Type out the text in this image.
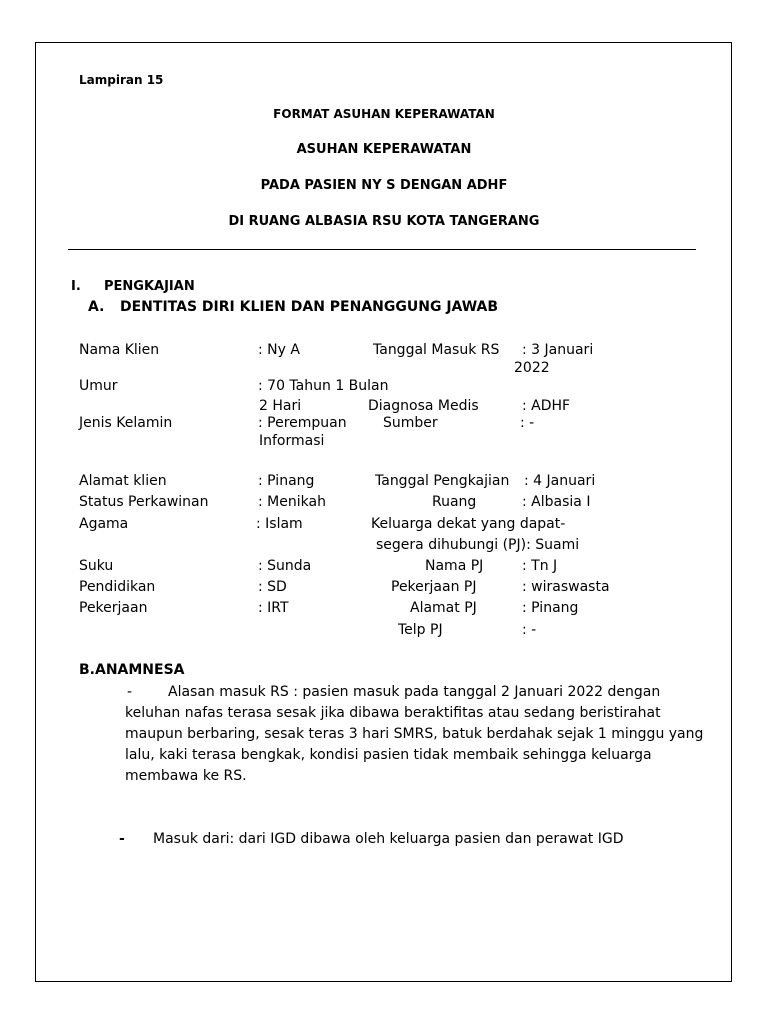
Lampiran 15
FORMAT ASUHAN KEPERAWATAN
ASUHAN KEPERAWATAN
PADA PASIEN NY S DENGAN ADHF
DI RUANG ALBASIA RSU KOTA TANGERANG
I. PENGKAJIAN
A. DENTITAS DIRI KLIEN DAN PENANGGUNG JAWAB
Nama Klien	: Ny A	Tanggal Masuk RS : 3 Januari
2022
Umur	: 70 Tahun 1 Bulan
2 Hari	Diagnosa Medis	: ADHF
Jenis Kelamin	: Perempuan	Sumber	: -
Informasi
Alamat klien	: Pinang	Tanggal Pengkajian : 4 Januari
Status Perkawinan	: Menikah	Ruang	: Albasia I
Agama	: Islam	Keluarga dekat yang dapat-
segera dihubungi (PJ): Suami
Suku	: Sunda	Nama PJ	: Tn J
Pendidikan	: SD	Pekerjaan PJ	: wiraswasta
Pekerjaan	: IRT	Alamat PJ	: Pinang
Telp PJ	: -
B.ANAMNESA
-	Alasan masuk RS : pasien masuk pada tanggal 2 Januari 2022 dengan
keluhan nafas terasa sesak jika dibawa beraktifitas atau sedang beristirahat
maupun berbaring, sesak teras 3 hari SMRS, batuk berdahak sejak 1 minggu yang
lalu, kaki terasa bengkak, kondisi pasien tidak membaik sehingga keluarga
membawa ke RS.
- Masuk dari: dari IGD dibawa oleh keluarga pasien dan perawat IGD
